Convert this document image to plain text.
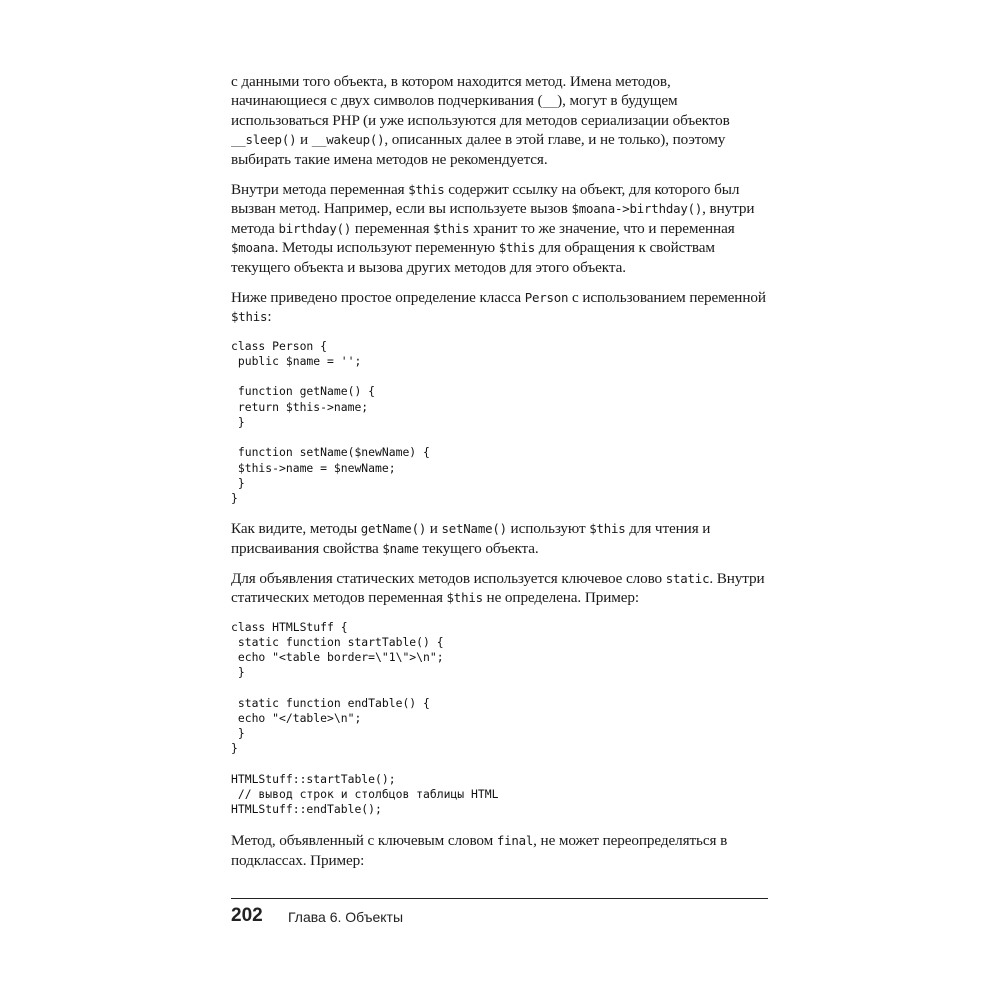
с данными того объекта, в котором находится метод. Имена методов, начинающиеся с двух символов подчеркивания (__), могут в будущем использоваться PHP (и уже используются для методов сериализации объектов __sleep() и __wakeup(), описанных далее в этой главе, и не только), поэтому выбирать такие имена методов не рекомендуется.

Внутри метода переменная $this содержит ссылку на объект, для которого был вызван метод. Например, если вы используете вызов $moana->birthday(), внутри метода birthday() переменная $this хранит то же значение, что и переменная $moana. Методы используют переменную $this для обращения к свойствам текущего объекта и вызова других методов для этого объекта.

Ниже приведено простое определение класса Person с использованием переменной $this:

class Person {
public $name = '';

function getName() {
return $this->name;
}

function setName($newName) {
$this->name = $newName;
}
}

Как видите, методы getName() и setName() используют $this для чтения и присваивания свойства $name текущего объекта.

Для объявления статических методов используется ключевое слово static. Внутри статических методов переменная $this не определена. Пример:

class HTMLStuff {
static function startTable() {
echo "<table border=\"1\">\n";
}

static function endTable() {
echo "</table>\n";
}
}

HTMLStuff::startTable();
// вывод строк и столбцов таблицы HTML
HTMLStuff::endTable();

Метод, объявленный с ключевым словом final, не может переопределяться в подклассах. Пример:

202 Глава 6. Объекты
